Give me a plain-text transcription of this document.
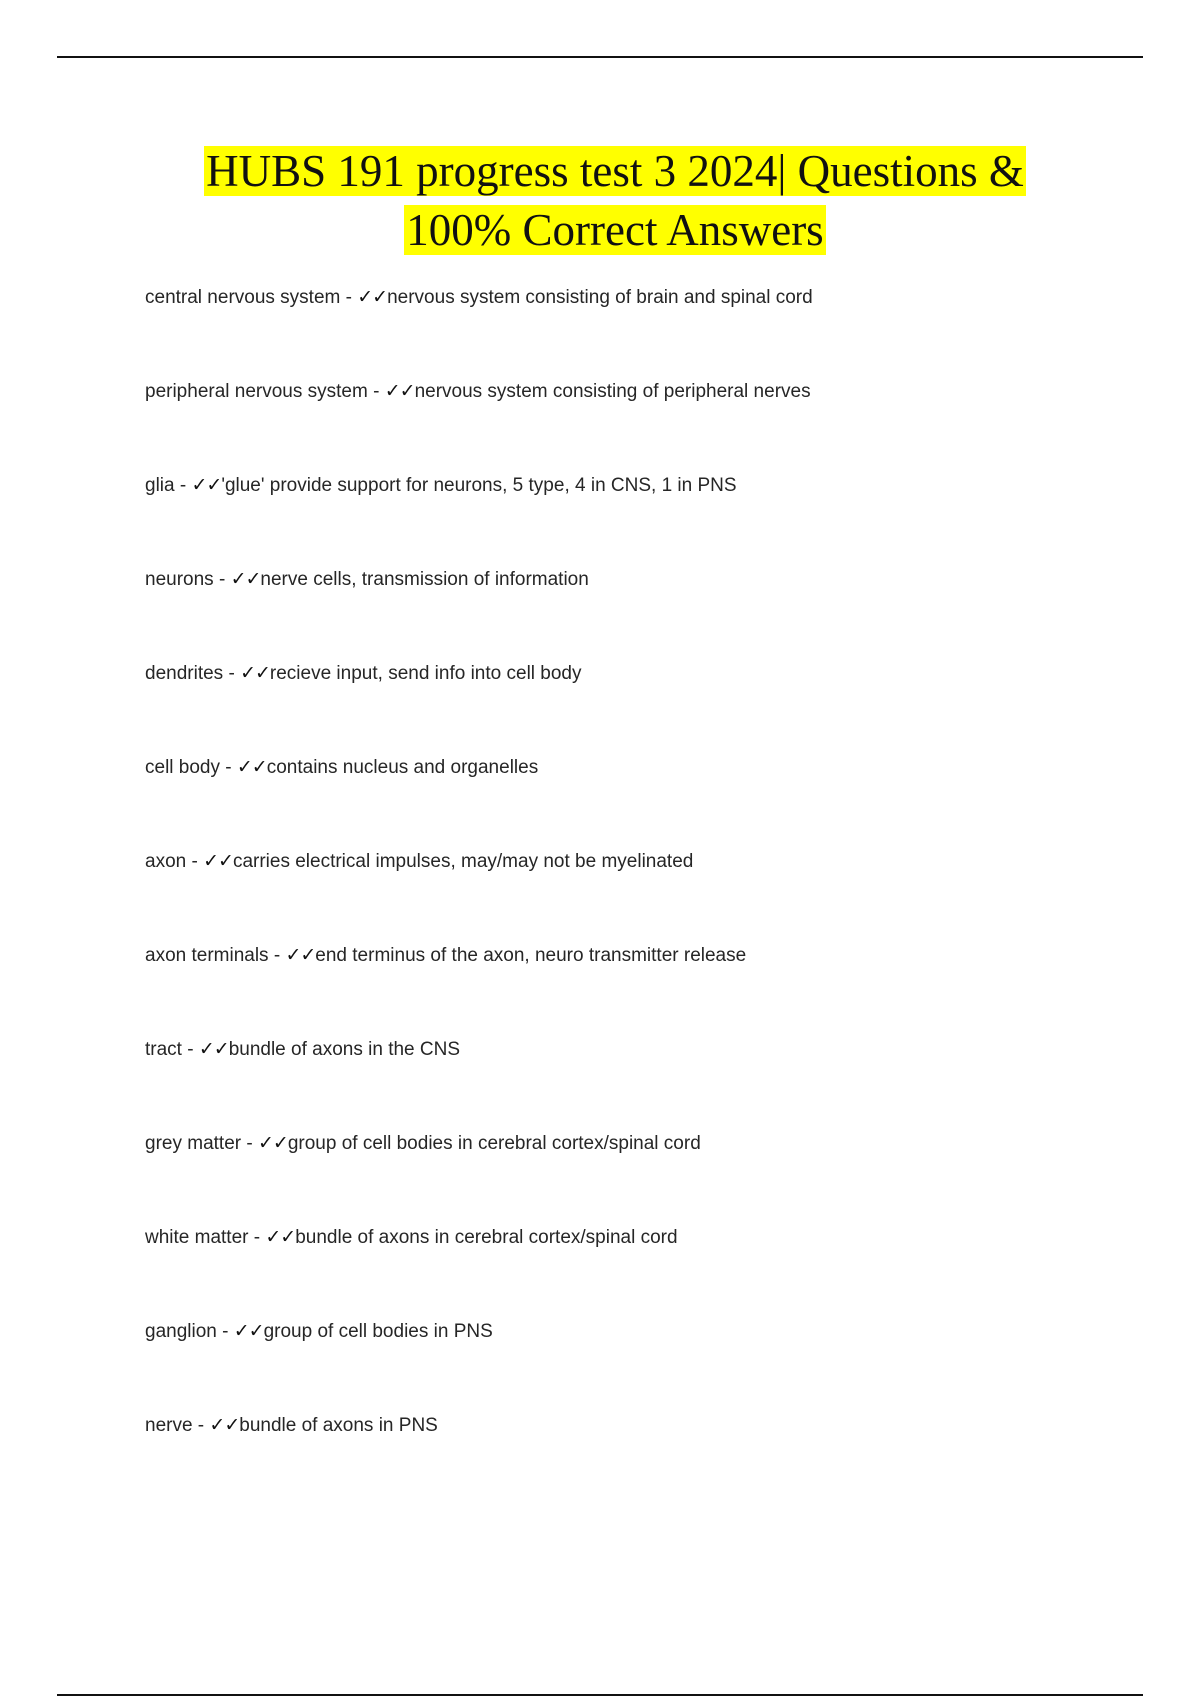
HUBS 191 progress test 3 2024| Questions &
100% Correct Answers
central nervous system - ✓✓nervous system consisting of brain and spinal cord
peripheral nervous system - ✓✓nervous system consisting of peripheral nerves
glia - ✓✓'glue' provide support for neurons, 5 type, 4 in CNS, 1 in PNS
neurons - ✓✓nerve cells, transmission of information
dendrites - ✓✓recieve input, send info into cell body
cell body - ✓✓contains nucleus and organelles
axon - ✓✓carries electrical impulses, may/may not be myelinated
axon terminals - ✓✓end terminus of the axon, neuro transmitter release
tract - ✓✓bundle of axons in the CNS
grey matter - ✓✓group of cell bodies in cerebral cortex/spinal cord
white matter - ✓✓bundle of axons in cerebral cortex/spinal cord
ganglion - ✓✓group of cell bodies in PNS
nerve - ✓✓bundle of axons in PNS
